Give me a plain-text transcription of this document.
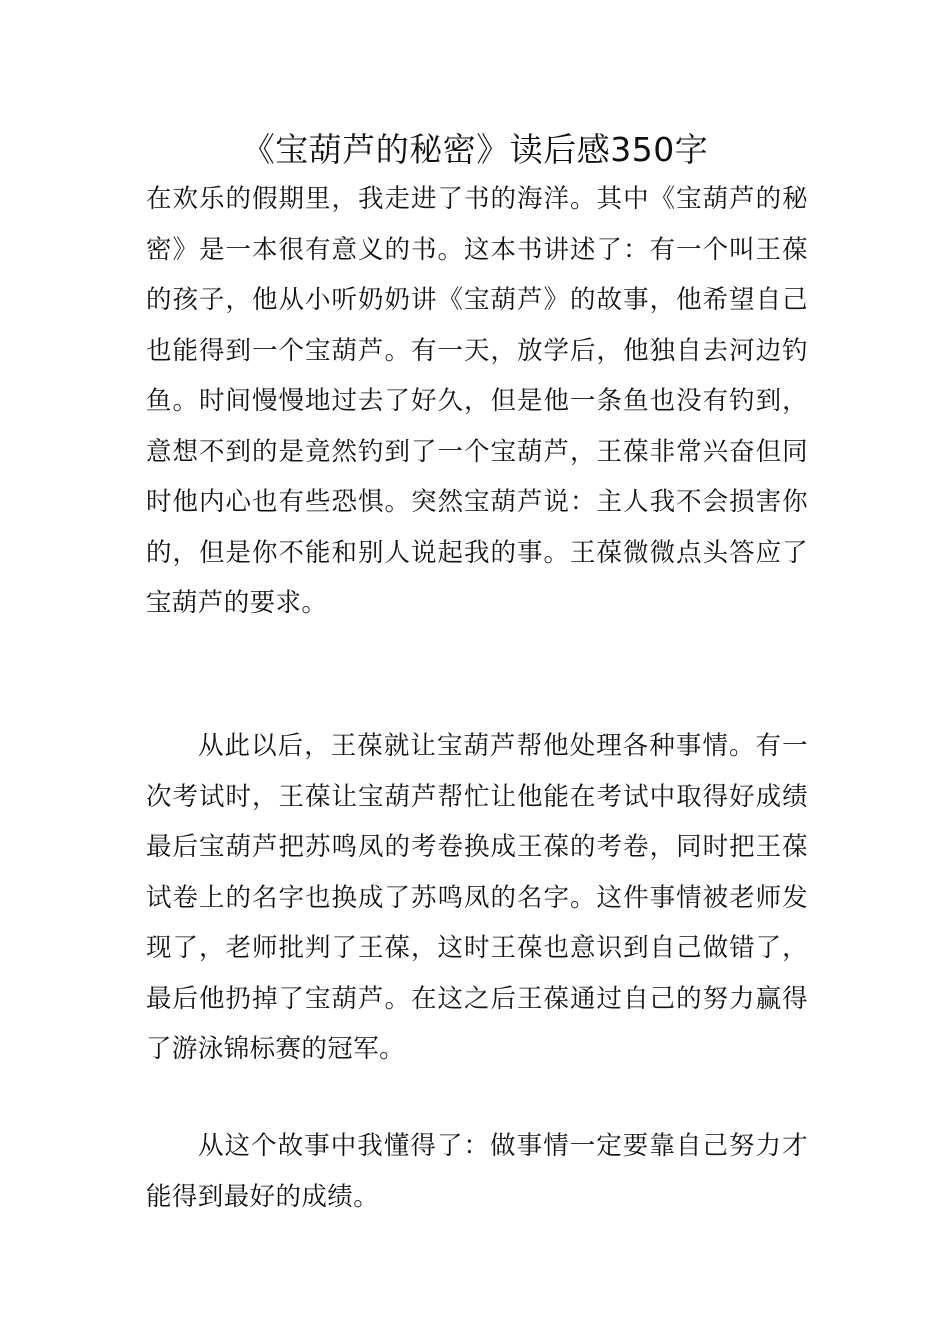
《宝葫芦的秘密》读后感350字

在欢乐的假期里，我走进了书的海洋。其中《宝葫芦的秘密》是一本很有意义的书。这本书讲述了：有一个叫王葆的孩子，他从小听奶奶讲《宝葫芦》的故事，他希望自己也能得到一个宝葫芦。有一天，放学后，他独自去河边钓鱼。时间慢慢地过去了好久，但是他一条鱼也没有钓到，意想不到的是竟然钓到了一个宝葫芦，王葆非常兴奋但同时他内心也有些恐惧。突然宝葫芦说：主人我不会损害你的，但是你不能和别人说起我的事。王葆微微点头答应了宝葫芦的要求。

从此以后，王葆就让宝葫芦帮他处理各种事情。有一次考试时，王葆让宝葫芦帮忙让他能在考试中取得好成绩最后宝葫芦把苏鸣凤的考卷换成王葆的考卷，同时把王葆试卷上的名字也换成了苏鸣凤的名字。这件事情被老师发现了，老师批判了王葆，这时王葆也意识到自己做错了，最后他扔掉了宝葫芦。在这之后王葆通过自己的努力赢得了游泳锦标赛的冠军。

从这个故事中我懂得了：做事情一定要靠自己努力才能得到最好的成绩。
